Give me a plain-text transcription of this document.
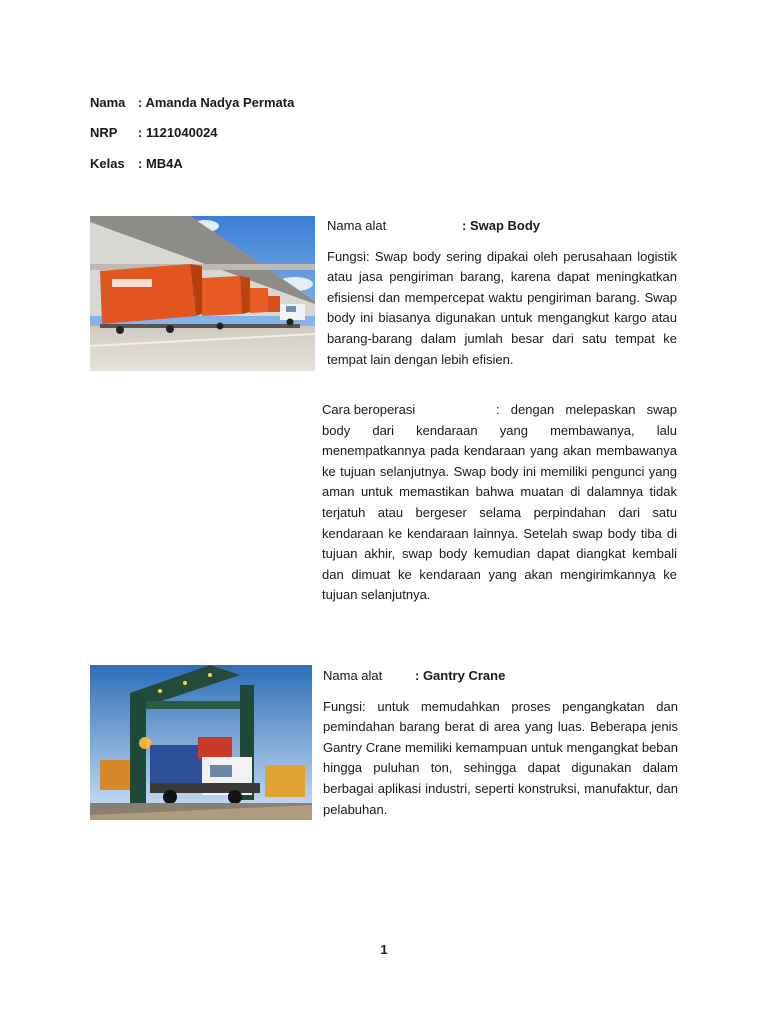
Nama : Amanda Nadya Permata
NRP : 1121040024
Kelas : MB4A

Nama alat	: Swap Body

Fungsi: Swap body sering dipakai oleh perusahaan logistik atau jasa pengiriman barang, karena dapat meningkatkan efisiensi dan mempercepat waktu pengiriman barang. Swap body ini biasanya digunakan untuk mengangkut kargo atau barang-barang dalam jumlah besar dari satu tempat ke tempat lain dengan lebih efisien.

Cara beroperasi	: dengan melepaskan swap body dari kendaraan yang membawanya, lalu menempatkannya pada kendaraan yang akan membawanya ke tujuan selanjutnya. Swap body ini memiliki pengunci yang aman untuk memastikan bahwa muatan di dalamnya tidak terjatuh atau bergeser selama perpindahan dari satu kendaraan ke kendaraan lainnya. Setelah swap body tiba di tujuan akhir, swap body kemudian dapat diangkat kembali dan dimuat ke kendaraan yang akan mengirimkannya ke tujuan selanjutnya.

Nama alat	: Gantry Crane

Fungsi: untuk memudahkan proses pengangkatan dan pemindahan barang berat di area yang luas. Beberapa jenis Gantry Crane memiliki kemampuan untuk mengangkat beban hingga puluhan ton, sehingga dapat digunakan dalam berbagai aplikasi industri, seperti konstruksi, manufaktur, dan pelabuhan.

1
